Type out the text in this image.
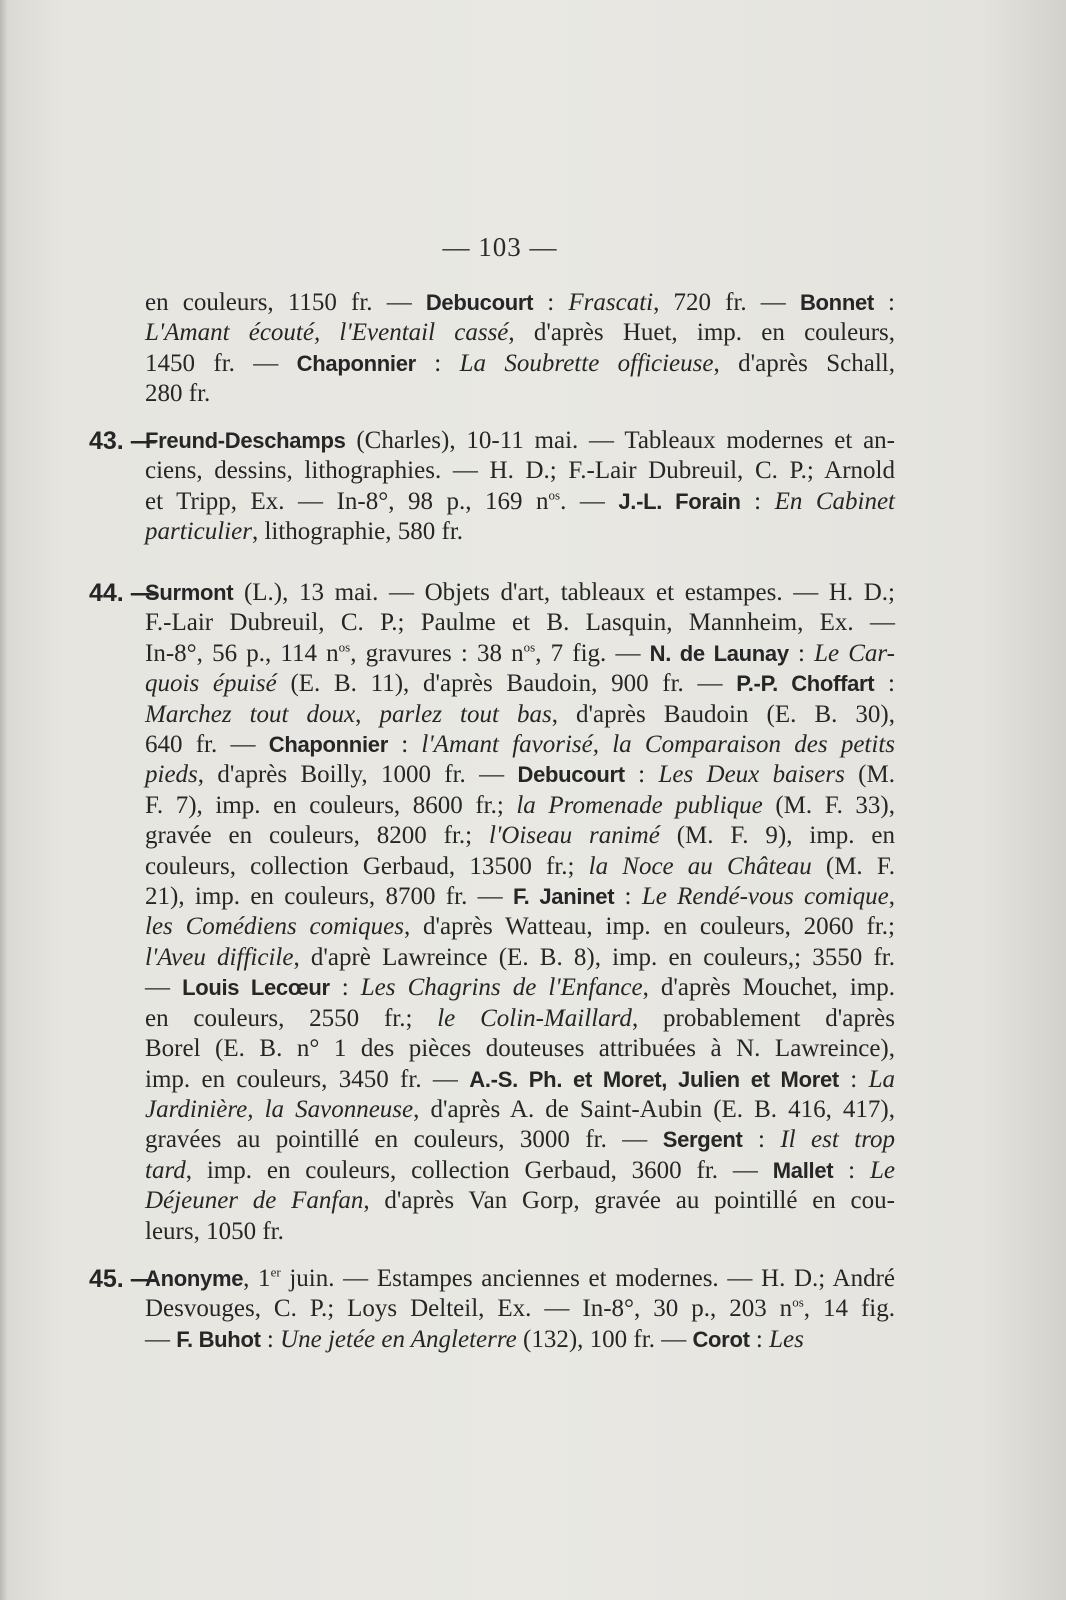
— 103 —
en couleurs, 1150 fr. — Debucourt : Frascati, 720 fr. — Bonnet :
L'Amant écouté, l'Eventail cassé, d'après Huet, imp. en couleurs,
1450 fr. — Chaponnier : La Soubrette officieuse, d'après Schall,
280 fr.
43. —
Freund-Deschamps (Charles), 10-11 mai. — Tableaux modernes et an-
ciens, dessins, lithographies. — H. D.; F.-Lair Dubreuil, C. P.; Arnold
et Tripp, Ex. — In-8°, 98 p., 169 $n^{os}$. — J.-L. Forain : En Cabinet
particulier, lithographie, 580 fr.
44. —
Surmont (L.), 13 mai. — Objets d'art, tableaux et estampes. — H. D.;
F.-Lair Dubreuil, C. P.; Paulme et B. Lasquin, Mannheim, Ex. —
In-8°, 56 p., 114 $n^{os}$, gravures : 38 $n^{os}$, 7 fig. — N. de Launay : Le Car-
quois épuisé (E. B. 11), d'après Baudoin, 900 fr. — P.-P. Choffart :
Marchez tout doux, parlez tout bas, d'après Baudoin (E. B. 30),
640 fr. — Chaponnier : l'Amant favorisé, la Comparaison des petits
pieds, d'après Boilly, 1000 fr. — Debucourt : Les Deux baisers (M.
F. 7), imp. en couleurs, 8600 fr.; la Promenade publique (M. F. 33),
gravée en couleurs, 8200 fr.; l'Oiseau ranimé (M. F. 9), imp. en
couleurs, collection Gerbaud, 13500 fr.; la Noce au Château (M. F.
21), imp. en couleurs, 8700 fr. — F. Janinet : Le Rendé-vous comique,
les Comédiens comiques, d'après Watteau, imp. en couleurs, 2060 fr.;
l'Aveu difficile, d'aprè Lawreince (E. B. 8), imp. en couleurs,; 3550 fr.
— Louis Lecœur : Les Chagrins de l'Enfance, d'après Mouchet, imp.
en couleurs, 2550 fr.; le Colin-Maillard, probablement d'après
Borel (E. B. n° 1 des pièces douteuses attribuées à N. Lawreince),
imp. en couleurs, 3450 fr. — A.-S. Ph. et Moret, Julien et Moret : La
Jardinière, la Savonneuse, d'après A. de Saint-Aubin (E. B. 416, 417),
gravées au pointillé en couleurs, 3000 fr. — Sergent : Il est trop
tard, imp. en couleurs, collection Gerbaud, 3600 fr. — Mallet : Le
Déjeuner de Fanfan, d'après Van Gorp, gravée au pointillé en cou-
leurs, 1050 fr.
45. —
Anonyme, 1er juin. — Estampes anciennes et modernes. — H. D.; André
Desvouges, C. P.; Loys Delteil, Ex. — In-8°, 30 p., 203 $n^{os}$, 14 fig.
— F. Buhot : Une jetée en Angleterre (132), 100 fr. — Corot : Les
